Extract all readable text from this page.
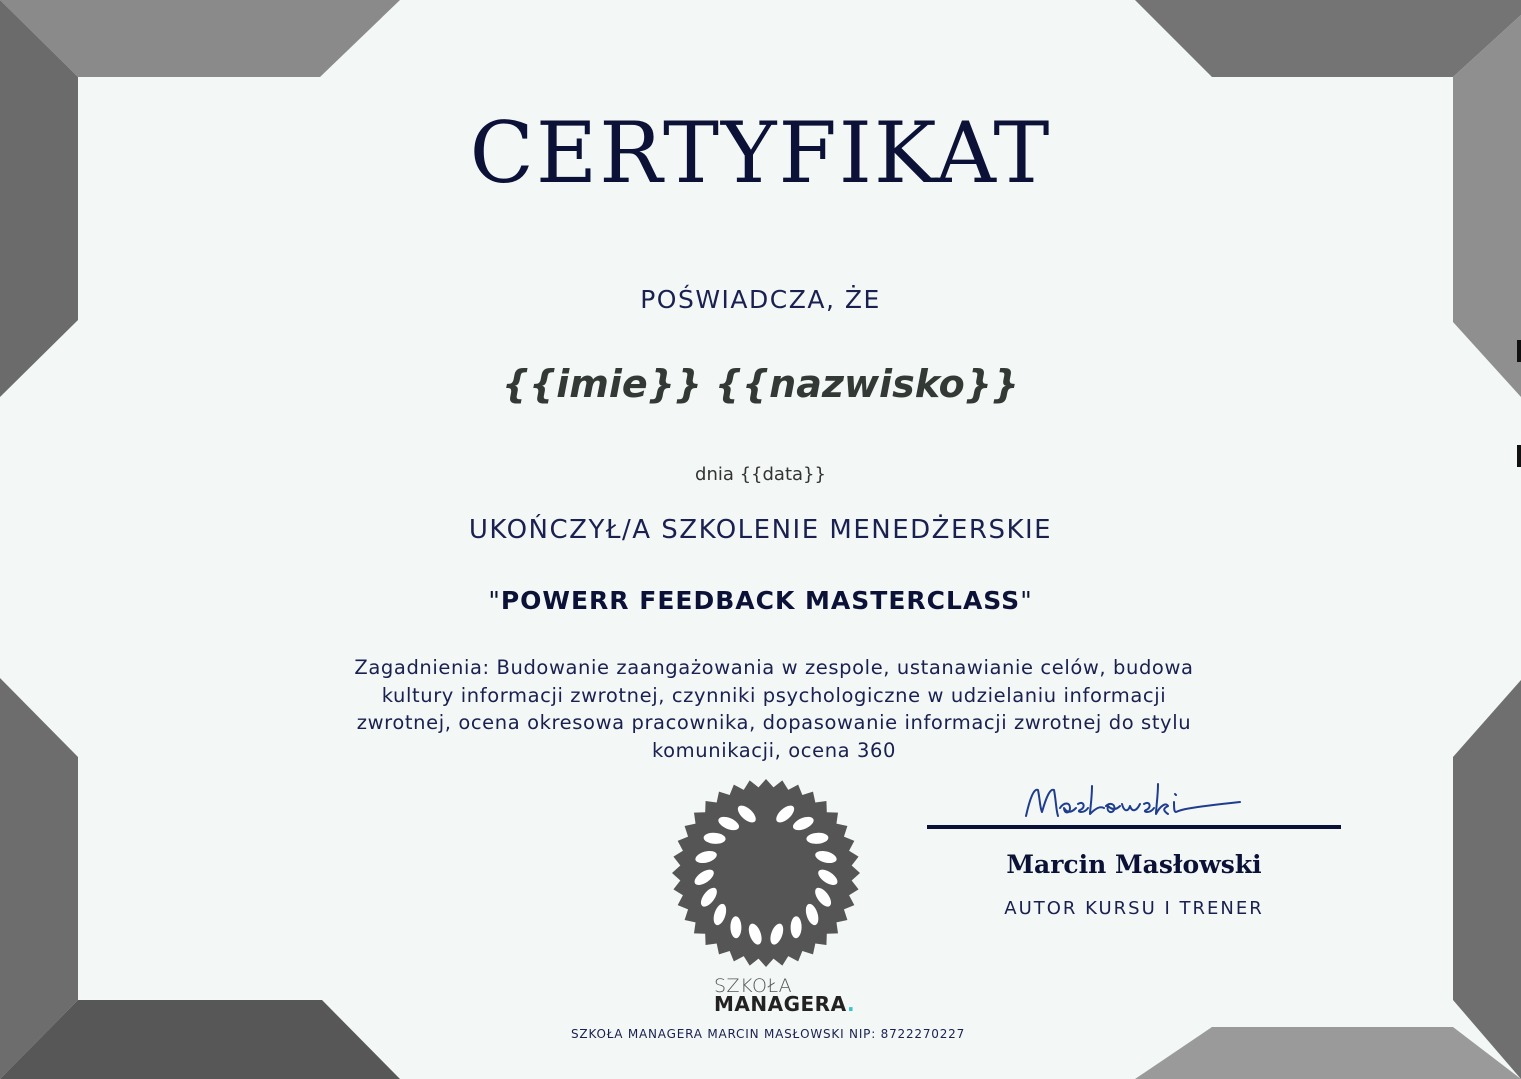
CERTYFIKAT
POŚWIADCZA, ŻE
{{imie}} {{nazwisko}}
dnia {{data}}
UKOŃCZYŁ/A SZKOLENIE MENEDŻERSKIE
"POWERR FEEDBACK MASTERCLASS"
Zagadnienia: Budowanie zaangażowania w zespole, ustanawianie celów, budowa kultury informacji zwrotnej, czynniki psychologiczne w udzielaniu informacji zwrotnej, ocena okresowa pracownika, dopasowanie informacji zwrotnej do stylu komunikacji, ocena 360
SZKOŁA
MANAGERA.
SZKOŁA MANAGERA MARCIN MASŁOWSKI NIP: 8722270227
Marcin Masłowski
AUTOR KURSU I TRENER
